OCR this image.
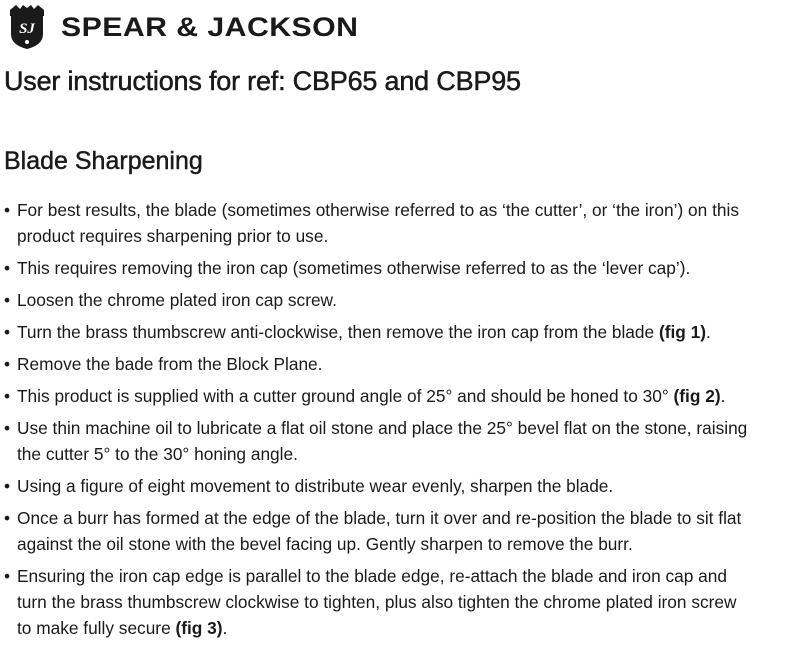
SJ SPEAR & JACKSON
User instructions for ref: CBP65 and CBP95
Blade Sharpening
• For best results, the blade (sometimes otherwise referred to as ‘the cutter’, or ‘the iron’) on this
product requires sharpening prior to use.
• This requires removing the iron cap (sometimes otherwise referred to as the ‘lever cap’).
• Loosen the chrome plated iron cap screw.
• Turn the brass thumbscrew anti-clockwise, then remove the iron cap from the blade (fig 1).
• Remove the bade from the Block Plane.
• This product is supplied with a cutter ground angle of 25° and should be honed to 30° (fig 2).
• Use thin machine oil to lubricate a flat oil stone and place the 25° bevel flat on the stone, raising
the cutter 5° to the 30° honing angle.
• Using a figure of eight movement to distribute wear evenly, sharpen the blade.
• Once a burr has formed at the edge of the blade, turn it over and re-position the blade to sit flat
against the oil stone with the bevel facing up. Gently sharpen to remove the burr.
• Ensuring the iron cap edge is parallel to the blade edge, re-attach the blade and iron cap and
turn the brass thumbscrew clockwise to tighten, plus also tighten the chrome plated iron screw
to make fully secure (fig 3).
